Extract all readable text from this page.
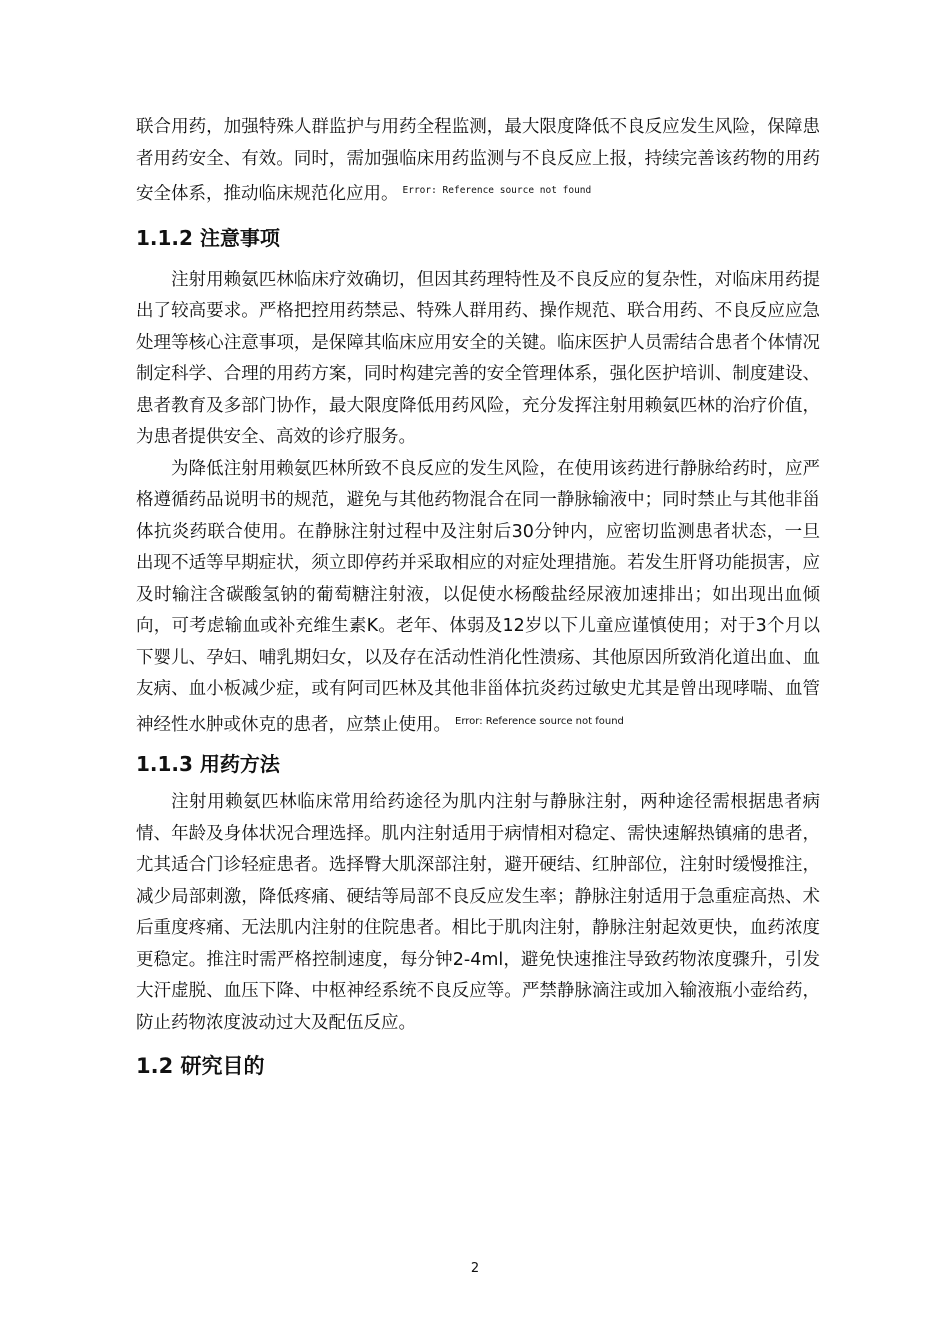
联合用药，加强特殊人群监护与用药全程监测，最大限度降低不良反应发生风险，保障患者用药安全、有效。同时，需加强临床用药监测与不良反应上报，持续完善该药物的用药安全体系，推动临床规范化应用。 $^{Error: Reference source not found}$

1.1.2 注意事项

注射用赖氨匹林临床疗效确切，但因其药理特性及不良反应的复杂性，对临床用药提出了较高要求。严格把控用药禁忌、特殊人群用药、操作规范、联合用药、不良反应应急处理等核心注意事项，是保障其临床应用安全的关键。临床医护人员需结合患者个体情况制定科学、合理的用药方案，同时构建完善的安全管理体系，强化医护培训、制度建设、患者教育及多部门协作，最大限度降低用药风险，充分发挥注射用赖氨匹林的治疗价值，为患者提供安全、高效的诊疗服务。

为降低注射用赖氨匹林所致不良反应的发生风险，在使用该药进行静脉给药时，应严格遵循药品说明书的规范，避免与其他药物混合在同一静脉输液中；同时禁止与其他非甾体抗炎药联合使用。在静脉注射过程中及注射后30分钟内，应密切监测患者状态，一旦出现不适等早期症状，须立即停药并采取相应的对症处理措施。若发生肝肾功能损害，应及时输注含碳酸氢钠的葡萄糖注射液，以促使水杨酸盐经尿液加速排出；如出现出血倾向，可考虑输血或补充维生素K。老年、体弱及12岁以下儿童应谨慎使用；对于3个月以下婴儿、孕妇、哺乳期妇女，以及存在活动性消化性溃疡、其他原因所致消化道出血、血友病、血小板减少症，或有阿司匹林及其他非甾体抗炎药过敏史尤其是曾出现哮喘、血管神经性水肿或休克的患者，应禁止使用。 $^{Error: Reference source not found}$

1.1.3 用药方法

注射用赖氨匹林临床常用给药途径为肌内注射与静脉注射，两种途径需根据患者病情、年龄及身体状况合理选择。肌内注射适用于病情相对稳定、需快速解热镇痛的患者，尤其适合门诊轻症患者。选择臀大肌深部注射，避开硬结、红肿部位，注射时缓慢推注，减少局部刺激，降低疼痛、硬结等局部不良反应发生率；静脉注射适用于急重症高热、术后重度疼痛、无法肌内注射的住院患者。相比于肌肉注射，静脉注射起效更快，血药浓度更稳定。推注时需严格控制速度，每分钟2-4ml，避免快速推注导致药物浓度骤升，引发大汗虚脱、血压下降、中枢神经系统不良反应等。严禁静脉滴注或加入输液瓶小壶给药，防止药物浓度波动过大及配伍反应。

1.2 研究目的
2
